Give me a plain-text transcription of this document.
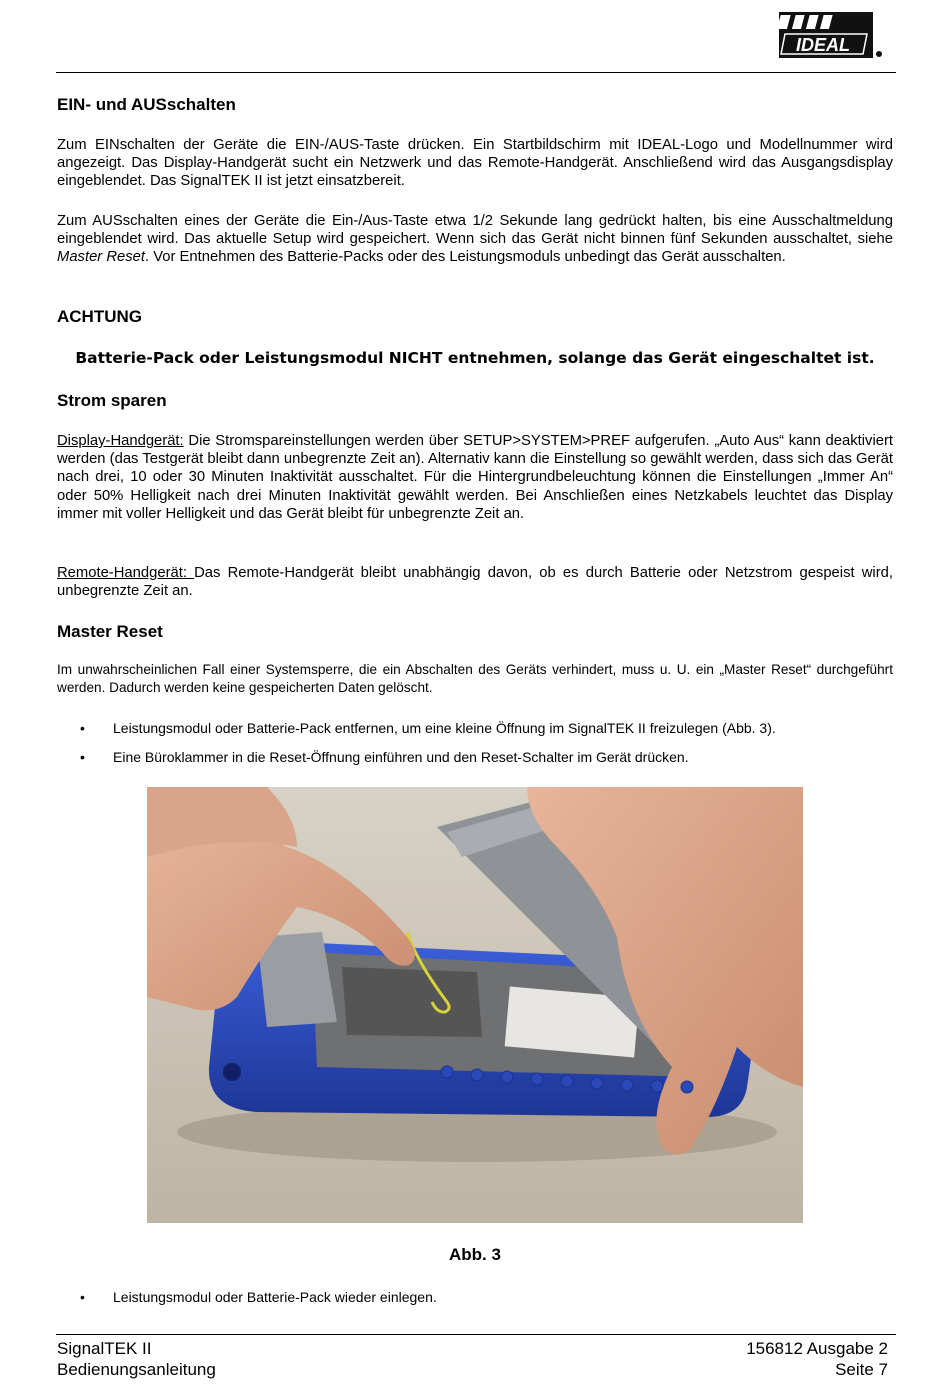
IDEAL
EIN- und AUSschalten

Zum EINschalten der Geräte die EIN-/AUS-Taste drücken. Ein Startbildschirm mit IDEAL-Logo und Modellnummer wird angezeigt. Das Display-Handgerät sucht ein Netzwerk und das Remote-Handgerät. Anschließend wird das Ausgangsdisplay eingeblendet. Das SignalTEK II ist jetzt einsatzbereit.

Zum AUSschalten eines der Geräte die Ein-/Aus-Taste etwa 1/2 Sekunde lang gedrückt halten, bis eine Ausschaltmeldung eingeblendet wird. Das aktuelle Setup wird gespeichert. Wenn sich das Gerät nicht binnen fünf Sekunden ausschaltet, siehe Master Reset. Vor Entnehmen des Batterie-Packs oder des Leistungsmoduls unbedingt das Gerät ausschalten.

ACHTUNG
Batterie-Pack oder Leistungsmodul NICHT entnehmen, solange das Gerät eingeschaltet ist.
Strom sparen

Display-Handgerät: Die Stromspareinstellungen werden über SETUP>SYSTEM>PREF aufgerufen. „Auto Aus“ kann deaktiviert werden (das Testgerät bleibt dann unbegrenzte Zeit an). Alternativ kann die Einstellung so gewählt werden, dass sich das Gerät nach drei, 10 oder 30 Minuten Inaktivität ausschaltet. Für die Hintergrundbeleuchtung können die Einstellungen „Immer An“ oder 50% Helligkeit nach drei Minuten Inaktivität gewählt werden. Bei Anschließen eines Netzkabels leuchtet das Display immer mit voller Helligkeit und das Gerät bleibt für unbegrenzte Zeit an.

Remote-Handgerät: Das Remote-Handgerät bleibt unabhängig davon, ob es durch Batterie oder Netzstrom gespeist wird, unbegrenzte Zeit an.

Master Reset

Im unwahrscheinlichen Fall einer Systemsperre, die ein Abschalten des Geräts verhindert, muss u. U. ein „Master Reset“ durchgeführt werden. Dadurch werden keine gespeicherten Daten gelöscht.

• Leistungsmodul oder Batterie-Pack entfernen, um eine kleine Öffnung im SignalTEK II freizulegen (Abb. 3).
• Eine Büroklammer in die Reset-Öffnung einführen und den Reset-Schalter im Gerät drücken.
Abb. 3
• Leistungsmodul oder Batterie-Pack wieder einlegen.
SignalTEK II
Bedienungsanleitung
156812 Ausgabe 2
Seite 7
